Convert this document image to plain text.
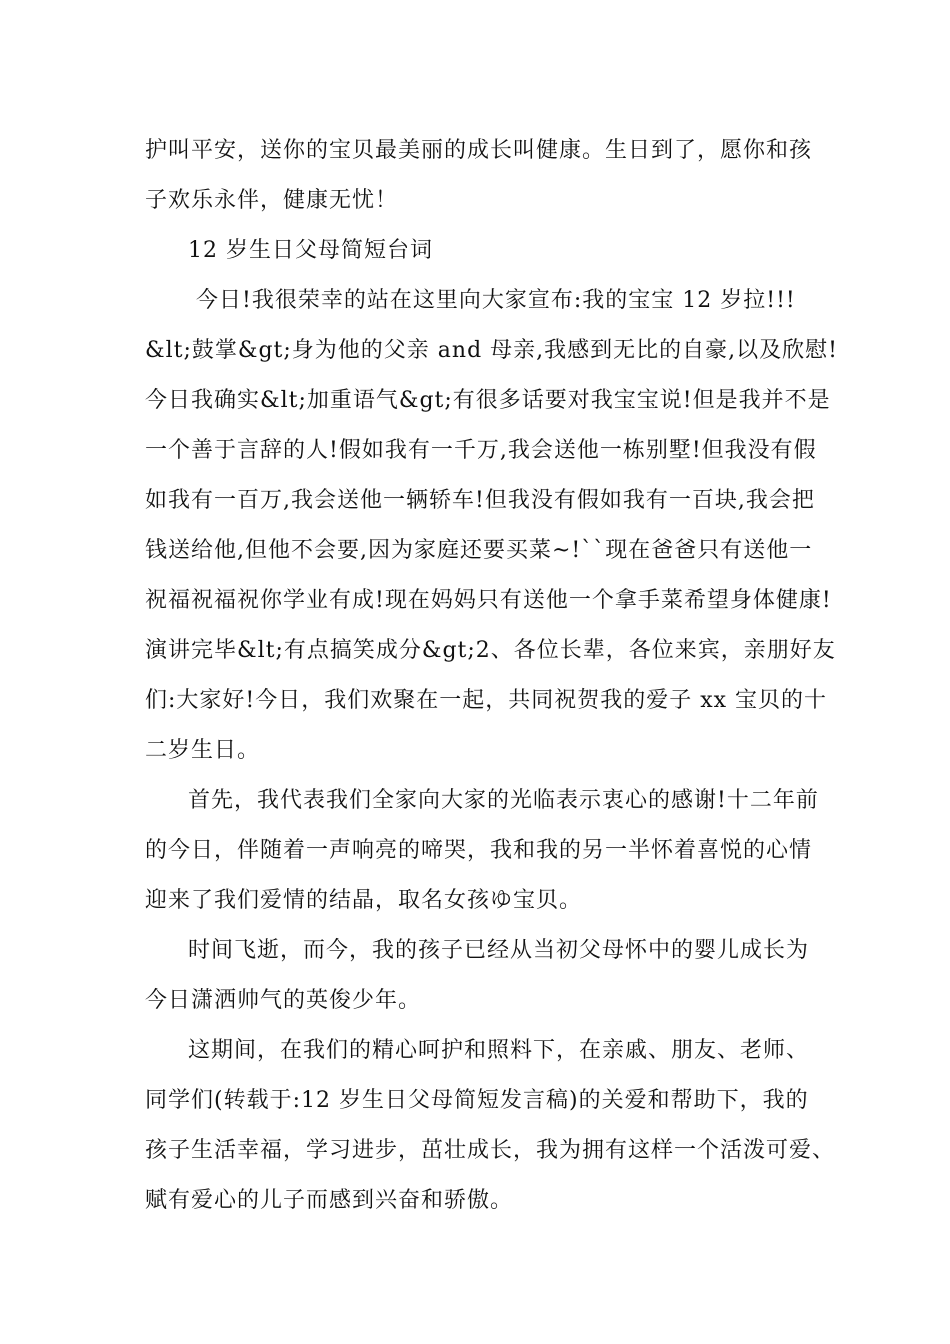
护叫平安，送你的宝贝最美丽的成长叫健康。生日到了，愿你和孩

子欢乐永伴，健康无忧！

12 岁生日父母简短台词

今日!我很荣幸的站在这里向大家宣布:我的宝宝 12 岁拉!!!

&lt;鼓掌&gt;身为他的父亲 and 母亲,我感到无比的自豪,以及欣慰!

今日我确实&lt;加重语气&gt;有很多话要对我宝宝说!但是我并不是

一个善于言辞的人!假如我有一千万,我会送他一栋别墅!但我没有假

如我有一百万,我会送他一辆轿车!但我没有假如我有一百块,我会把

钱送给他,但他不会要,因为家庭还要买菜~!``现在爸爸只有送他一

祝福祝福祝你学业有成!现在妈妈只有送他一个拿手菜希望身体健康!

演讲完毕&lt;有点搞笑成分&gt;2、各位长辈，各位来宾，亲朋好友

们:大家好!今日，我们欢聚在一起，共同祝贺我的爱子 xx 宝贝的十

二岁生日。

首先，我代表我们全家向大家的光临表示衷心的感谢!十二年前

的今日，伴随着一声响亮的啼哭，我和我的另一半怀着喜悦的心情

迎来了我们爱情的结晶，取名女孩ゆ宝贝。

时间飞逝，而今，我的孩子已经从当初父母怀中的婴儿成长为

今日潇洒帅气的英俊少年。

这期间，在我们的精心呵护和照料下，在亲戚、朋友、老师、

同学们(转载于:12 岁生日父母简短发言稿)的关爱和帮助下，我的

孩子生活幸福，学习进步，茁壮成长，我为拥有这样一个活泼可爱、

赋有爱心的儿子而感到兴奋和骄傲。
